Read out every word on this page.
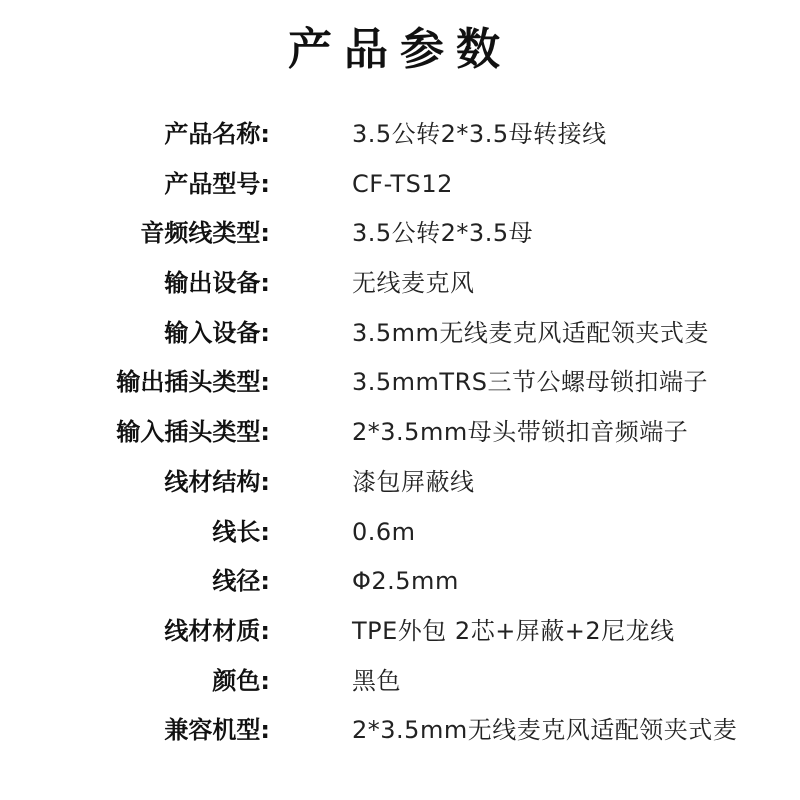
产品参数
产品名称:	3.5公转2*3.5母转接线
产品型号:	CF-TS12
音频线类型:	3.5公转2*3.5母
输出设备:	无线麦克风
输入设备:	3.5mm无线麦克风适配领夹式麦
输出插头类型:	3.5mmTRS三节公螺母锁扣端子
输入插头类型:	2*3.5mm母头带锁扣音频端子
线材结构:	漆包屏蔽线
线长:	0.6m
线径:	Φ2.5mm
线材材质:	TPE外包 2芯+屏蔽+2尼龙线
颜色:	黑色
兼容机型:	2*3.5mm无线麦克风适配领夹式麦
